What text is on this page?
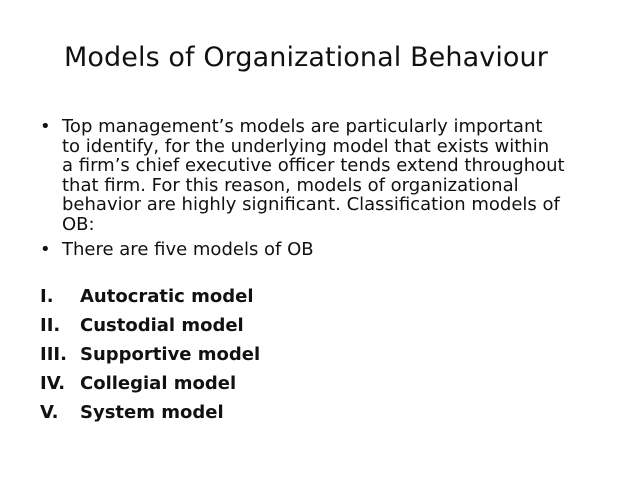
Models of Organizational Behaviour
• Top management’s models are particularly important
to identify, for the underlying model that exists within
a firm’s chief executive officer tends extend throughout
that firm. For this reason, models of organizational
behavior are highly significant. Classification models of
OB:
• There are five models of OB
I. Autocratic model
II. Custodial model
III. Supportive model
IV. Collegial model
V. System model
